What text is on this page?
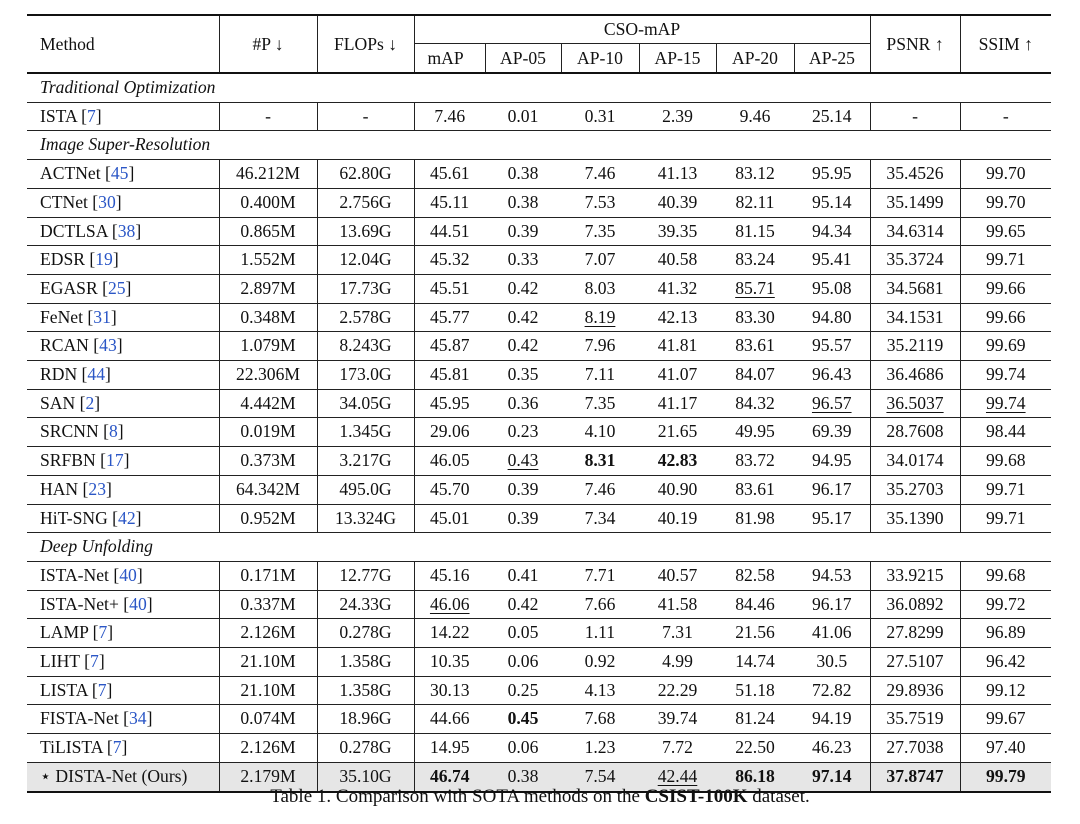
Method	#P ↓	FLOPs ↓	CSO-mAP						PSNR ↑	SSIM ↑
			mAP	AP-05	AP-10	AP-15	AP-20	AP-25		
Traditional Optimization										
ISTA [7]	-	-	7.46	0.01	0.31	2.39	9.46	25.14	-	-
Image Super-Resolution										
ACTNet [45]	46.212M	62.80G	45.61	0.38	7.46	41.13	83.12	95.95	35.4526	99.70
CTNet [30]	0.400M	2.756G	45.11	0.38	7.53	40.39	82.11	95.14	35.1499	99.70
DCTLSA [38]	0.865M	13.69G	44.51	0.39	7.35	39.35	81.15	94.34	34.6314	99.65
EDSR [19]	1.552M	12.04G	45.32	0.33	7.07	40.58	83.24	95.41	35.3724	99.71
EGASR [25]	2.897M	17.73G	45.51	0.42	8.03	41.32	85.71	95.08	34.5681	99.66
FeNet [31]	0.348M	2.578G	45.77	0.42	8.19	42.13	83.30	94.80	34.1531	99.66
RCAN [43]	1.079M	8.243G	45.87	0.42	7.96	41.81	83.61	95.57	35.2119	99.69
RDN [44]	22.306M	173.0G	45.81	0.35	7.11	41.07	84.07	96.43	36.4686	99.74
SAN [2]	4.442M	34.05G	45.95	0.36	7.35	41.17	84.32	96.57	36.5037	99.74
SRCNN [8]	0.019M	1.345G	29.06	0.23	4.10	21.65	49.95	69.39	28.7608	98.44
SRFBN [17]	0.373M	3.217G	46.05	0.43	8.31	42.83	83.72	94.95	34.0174	99.68
HAN [23]	64.342M	495.0G	45.70	0.39	7.46	40.90	83.61	96.17	35.2703	99.71
HiT-SNG [42]	0.952M	13.324G	45.01	0.39	7.34	40.19	81.98	95.17	35.1390	99.71
Deep Unfolding										
ISTA-Net [40]	0.171M	12.77G	45.16	0.41	7.71	40.57	82.58	94.53	33.9215	99.68
ISTA-Net+ [40]	0.337M	24.33G	46.06	0.42	7.66	41.58	84.46	96.17	36.0892	99.72
LAMP [7]	2.126M	0.278G	14.22	0.05	1.11	7.31	21.56	41.06	27.8299	96.89
LIHT [7]	21.10M	1.358G	10.35	0.06	0.92	4.99	14.74	30.5	27.5107	96.42
LISTA [7]	21.10M	1.358G	30.13	0.25	4.13	22.29	51.18	72.82	29.8936	99.12
FISTA-Net [34]	0.074M	18.96G	44.66	0.45	7.68	39.74	81.24	94.19	35.7519	99.67
TiLISTA [7]	2.126M	0.278G	14.95	0.06	1.23	7.72	22.50	46.23	27.7038	97.40
⋆ DISTA-Net (Ours)	2.179M	35.10G	46.74	0.38	7.54	42.44	86.18	97.14	37.8747	99.79
Table 1. Comparison with SOTA methods on the CSIST-100K dataset.
